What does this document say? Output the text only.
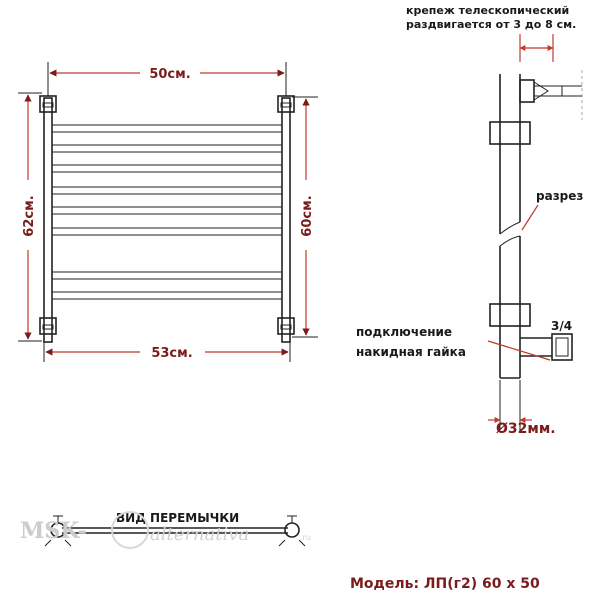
50см.
53см.
62см.	60см.
крепеж телескопический
раздвигается от 3 до 8 см.
разрез
3/4
подключение
накидная гайка
Ø32мм.
ВИД ПЕРЕМЫЧКИ
MSK-	alternativa	.ru
Модель: ЛП(г2) 60 х 50
